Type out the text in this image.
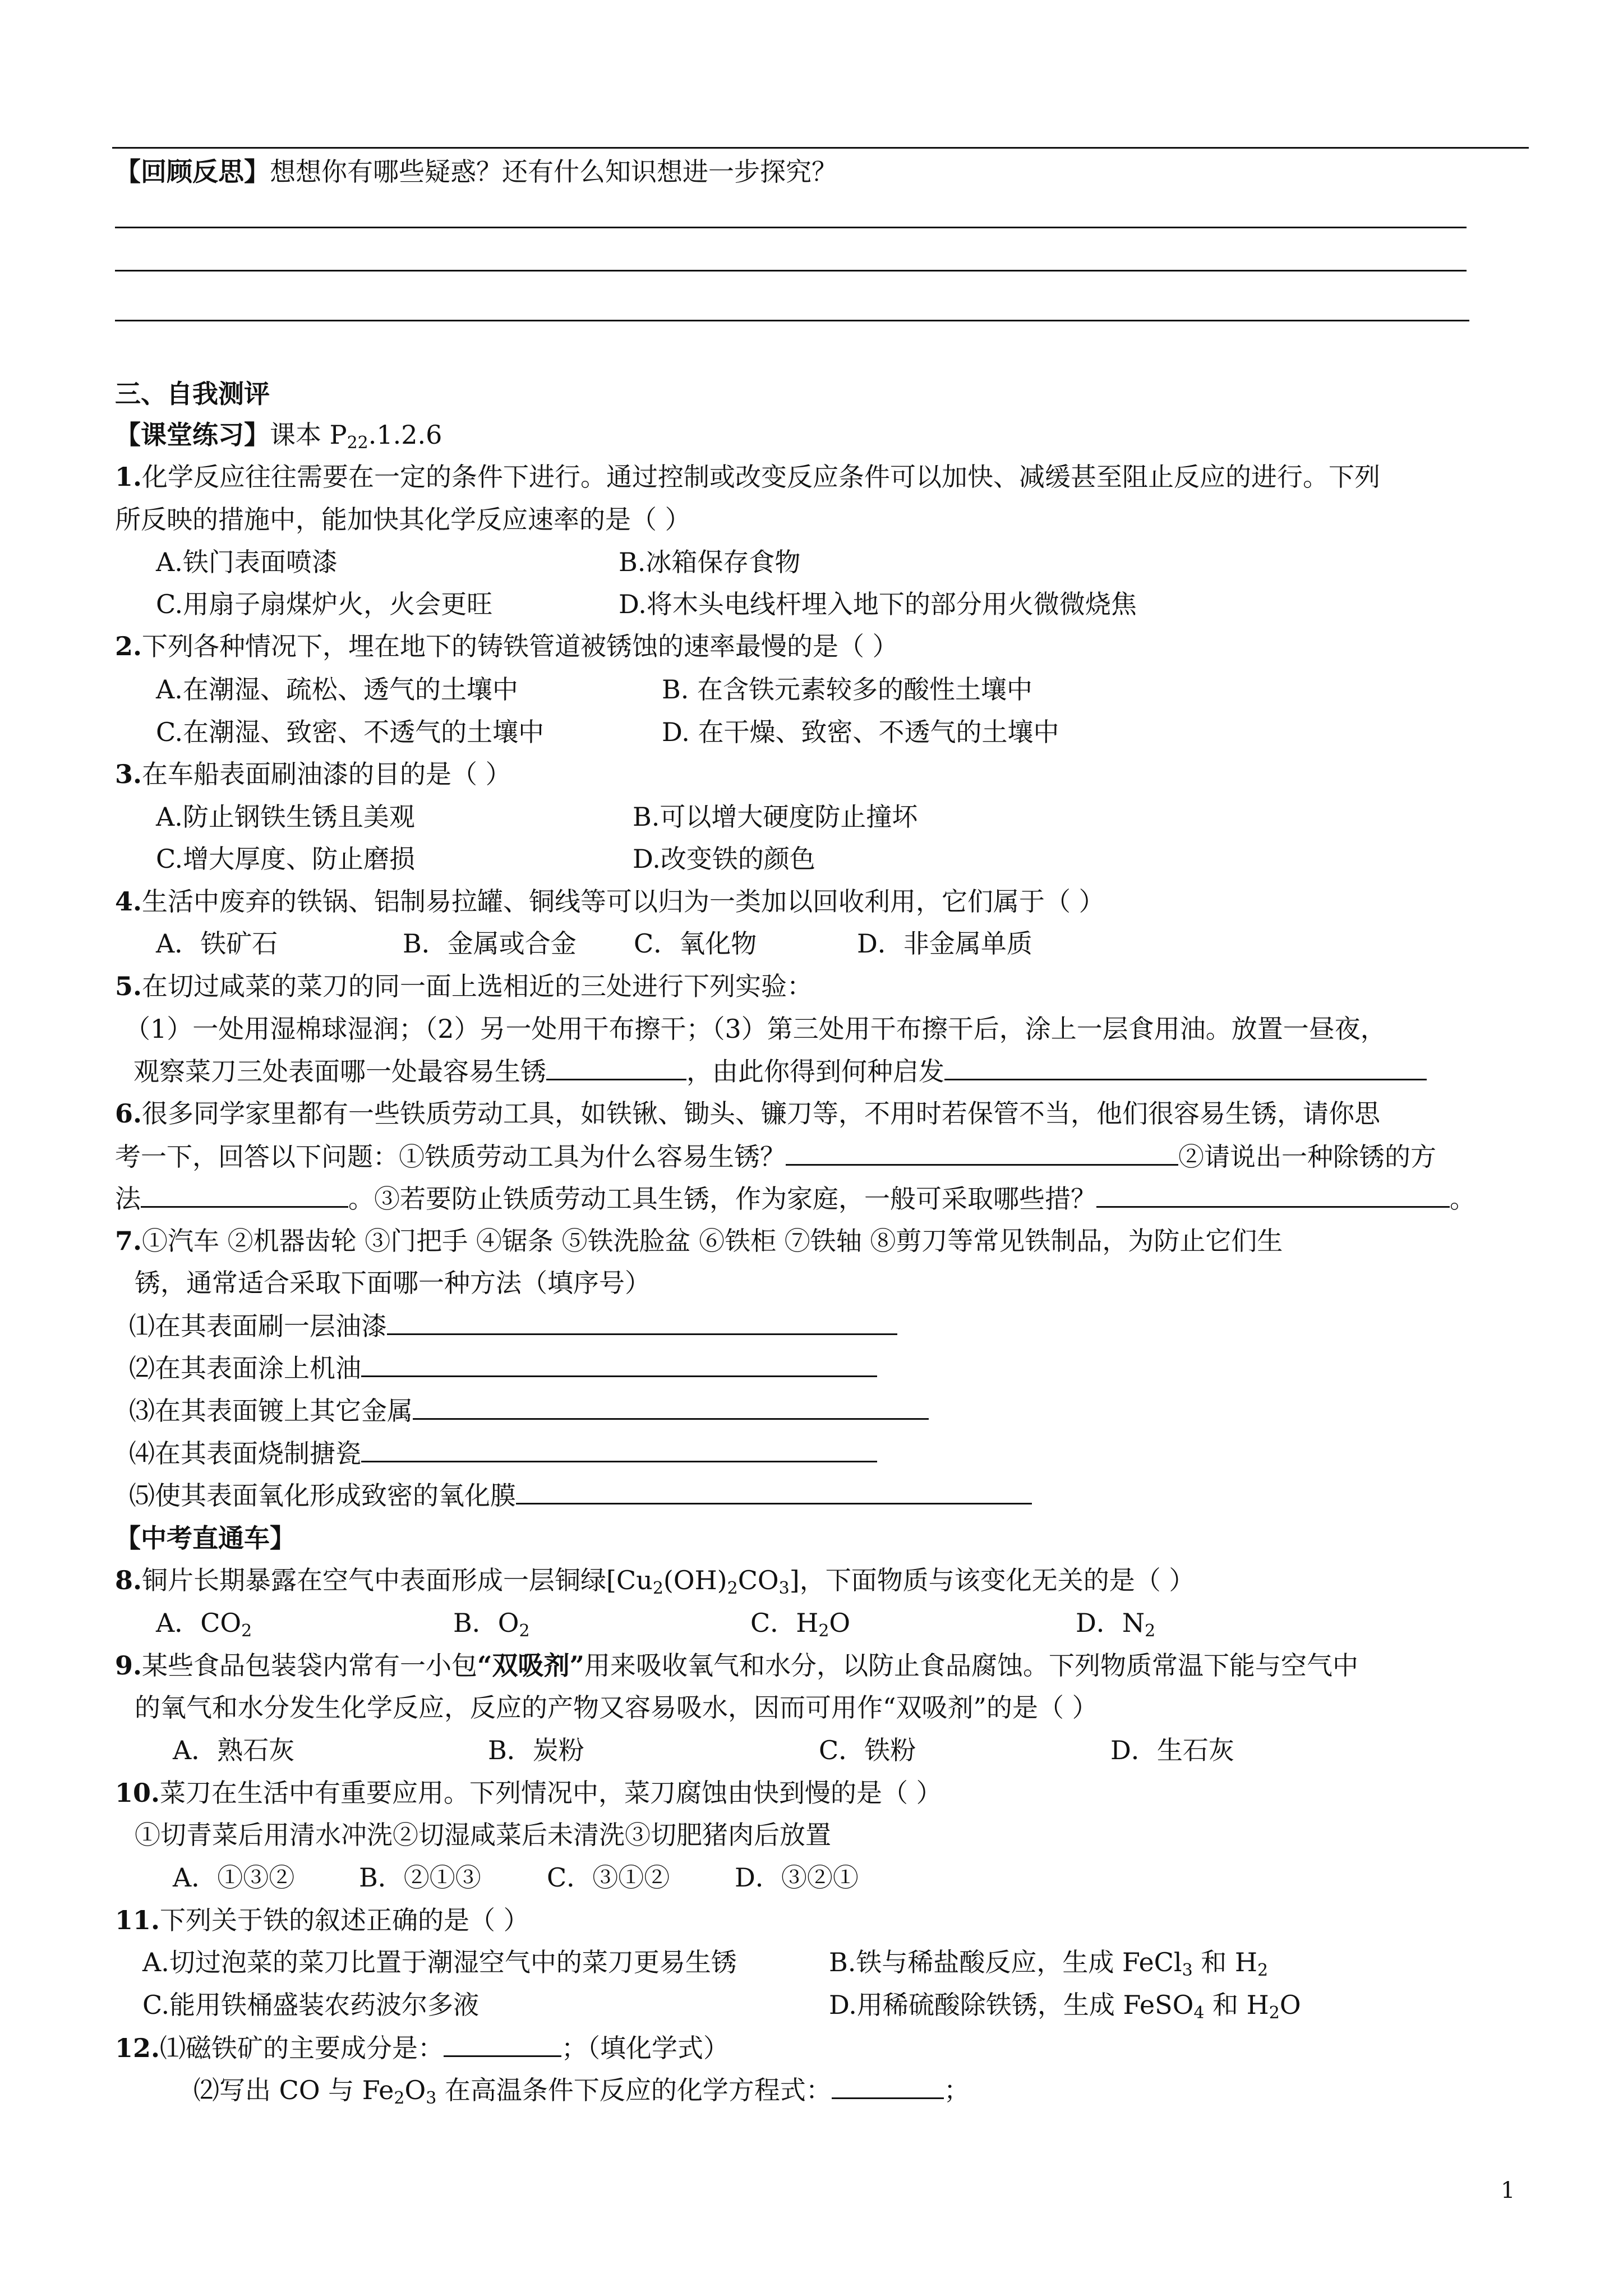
【回顾反思】想想你有哪些疑惑？还有什么知识想进一步探究？
三、自我测评
【课堂练习】课本 $P_{22}.1.2.6$
1.化学反应往往需要在一定的条件下进行。通过控制或改变反应条件可以加快、减缓甚至阻止反应的进行。下列
所反映的措施中，能加快其化学反应速率的是（ ）
A.铁门表面喷漆	B.冰箱保存食物
C.用扇子扇煤炉火，火会更旺	D.将木头电线杆埋入地下的部分用火微微烧焦
2.下列各种情况下，埋在地下的铸铁管道被锈蚀的速率最慢的是（ ）
A.在潮湿、疏松、透气的土壤中	B. 在含铁元素较多的酸性土壤中
C.在潮湿、致密、不透气的土壤中	D. 在干燥、致密、不透气的土壤中
3.在车船表面刷油漆的目的是（ ）
A.防止钢铁生锈且美观	B.可以增大硬度防止撞坏
C.增大厚度、防止磨损	D.改变铁的颜色
4.生活中废弃的铁锅、铝制易拉罐、铜线等可以归为一类加以回收利用，它们属于（ ）
A．铁矿石	B．金属或合金 C．氧化物	D．非金属单质
5.在切过咸菜的菜刀的同一面上选相近的三处进行下列实验：
（1）一处用湿棉球湿润；（2）另一处用干布擦干；（3）第三处用干布擦干后，涂上一层食用油。放置一昼夜，
观察菜刀三处表面哪一处最容易生锈	，由此你得到何种启发
6.很多同学家里都有一些铁质劳动工具，如铁锹、锄头、镰刀等，不用时若保管不当，他们很容易生锈，请你思
考一下，回答以下问题：①铁质劳动工具为什么容易生锈？	②请说出一种除锈的方
法	。③若要防止铁质劳动工具生锈，作为家庭，一般可采取哪些措？	。
7.①汽车 ②机器齿轮 ③门把手 ④锯条 ⑤铁洗脸盆 ⑥铁柜 ⑦铁轴 ⑧剪刀等常见铁制品，为防止它们生
锈，通常适合采取下面哪一种方法（填序号）
⑴在其表面刷一层油漆
⑵在其表面涂上机油
⑶在其表面镀上其它金属
⑷在其表面烧制搪瓷
⑸使其表面氧化形成致密的氧化膜
【中考直通车】
8.铜片长期暴露在空气中表面形成一层铜绿$[Cu_2(OH)_2CO_3]$，下面物质与该变化无关的是（ ）
A．$CO_2$	B．$O_2$	C．$H_2O$	D．$N_2$
9.某些食品包装袋内常有一小包“双吸剂”用来吸收氧气和水分，以防止食品腐蚀。下列物质常温下能与空气中
的氧气和水分发生化学反应，反应的产物又容易吸水，因而可用作“双吸剂”的是（ ）
A．熟石灰	B．炭粉	C．铁粉	D．生石灰
10.菜刀在生活中有重要应用。下列情况中，菜刀腐蚀由快到慢的是（ ）
①切青菜后用清水冲洗②切湿咸菜后未清洗③切肥猪肉后放置
A．①③② B．②①③	C．③①②	D．③②①
11.下列关于铁的叙述正确的是（ ）
A.切过泡菜的菜刀比置于潮湿空气中的菜刀更易生锈	B.铁与稀盐酸反应，生成 FeCl$_3$ 和 $H_2$
C.能用铁桶盛装农药波尔多液	D.用稀硫酸除铁锈，生成 FeSO$_4$ 和 $H_2O$
12.⑴磁铁矿的主要成分是：	；（填化学式）
⑵写出 CO 与 $Fe_2O_3$ 在高温条件下反应的化学方程式：	；
1
